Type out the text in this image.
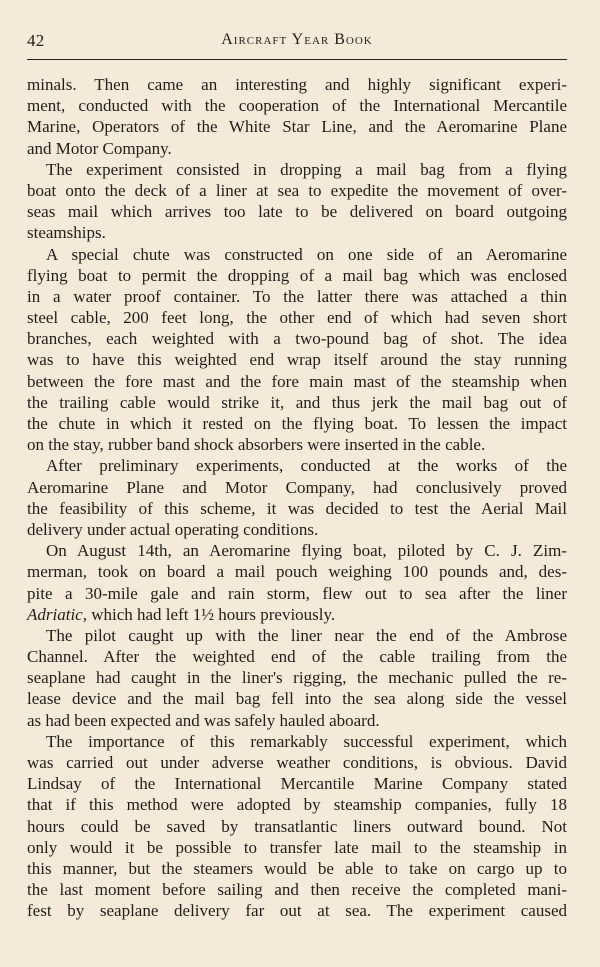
42	Aircraft Year Book
minals. Then came an interesting and highly significant experi-
ment, conducted with the cooperation of the International Mercantile
Marine, Operators of the White Star Line, and the Aeromarine Plane
and Motor Company.
The experiment consisted in dropping a mail bag from a flying
boat onto the deck of a liner at sea to expedite the movement of over-
seas mail which arrives too late to be delivered on board outgoing
steamships.
A special chute was constructed on one side of an Aeromarine
flying boat to permit the dropping of a mail bag which was enclosed
in a water proof container. To the latter there was attached a thin
steel cable, 200 feet long, the other end of which had seven short
branches, each weighted with a two-pound bag of shot. The idea
was to have this weighted end wrap itself around the stay running
between the fore mast and the fore main mast of the steamship when
the trailing cable would strike it, and thus jerk the mail bag out of
the chute in which it rested on the flying boat. To lessen the impact
on the stay, rubber band shock absorbers were inserted in the cable.
After preliminary experiments, conducted at the works of the
Aeromarine Plane and Motor Company, had conclusively proved
the feasibility of this scheme, it was decided to test the Aerial Mail
delivery under actual operating conditions.
On August 14th, an Aeromarine flying boat, piloted by C. J. Zim-
merman, took on board a mail pouch weighing 100 pounds and, des-
pite a 30-mile gale and rain storm, flew out to sea after the liner
Adriatic, which had left 1½ hours previously.
The pilot caught up with the liner near the end of the Ambrose
Channel. After the weighted end of the cable trailing from the
seaplane had caught in the liner's rigging, the mechanic pulled the re-
lease device and the mail bag fell into the sea along side the vessel
as had been expected and was safely hauled aboard.
The importance of this remarkably successful experiment, which
was carried out under adverse weather conditions, is obvious. David
Lindsay of the International Mercantile Marine Company stated
that if this method were adopted by steamship companies, fully 18
hours could be saved by transatlantic liners outward bound. Not
only would it be possible to transfer late mail to the steamship in
this manner, but the steamers would be able to take on cargo up to
the last moment before sailing and then receive the completed mani-
fest by seaplane delivery far out at sea. The experiment caused
